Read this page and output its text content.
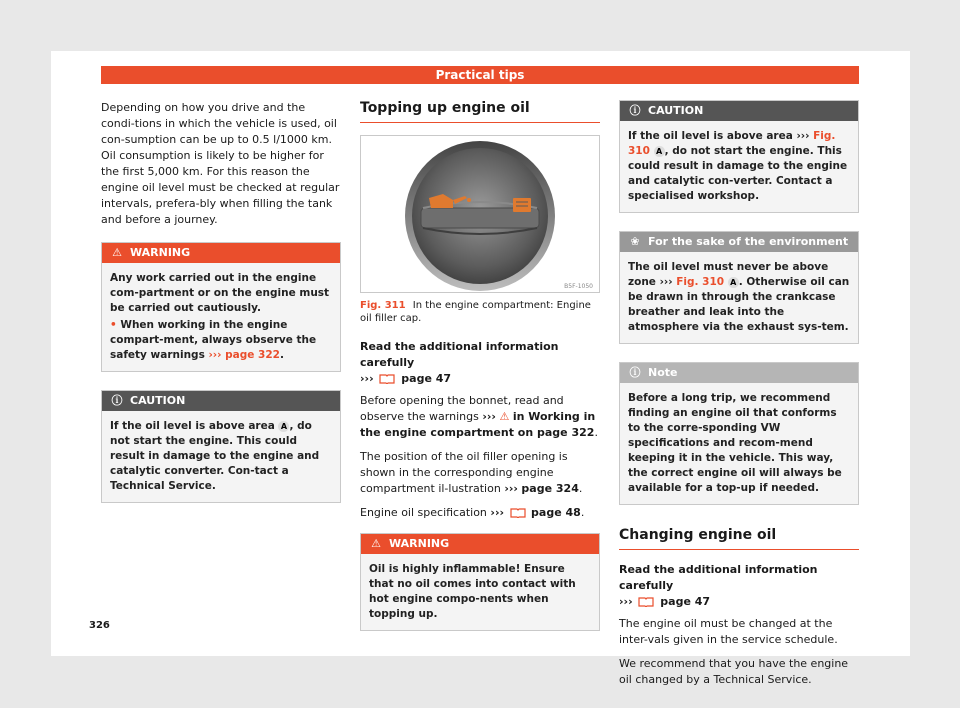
Practical tips

Depending on how you drive and the condi-tions in which the vehicle is used, oil con-sumption can be up to 0.5 l/1000 km. Oil consumption is likely to be higher for the first 5,000 km. For this reason the engine oil level must be checked at regular intervals, prefera-bly when filling the tank and before a journey.

⚠ WARNING
Any work carried out in the engine com-partment or on the engine must be carried out cautiously.
• When working in the engine compart-ment, always observe the safety warnings ››› page 322.
ⓘ CAUTION
If the oil level is above area A , do not start the engine. This could result in damage to the engine and catalytic converter. Con-tact a Technical Service.
Topping up engine oil
B5F-1050
Fig. 311 In the engine compartment: Engine oil filler cap.
Read the additional information carefully
›››	page 47

Before opening the bonnet, read and observe the warnings ››› ⚠ in Working in the engine compartment on page 322.

The position of the oil filler opening is shown in the corresponding engine compartment il-lustration ››› page 324.

Engine oil specification ››› page 48.

⚠ WARNING
Oil is highly inflammable! Ensure that no oil comes into contact with hot engine compo-nents when topping up.
ⓘ CAUTION
If the oil level is above area ››› Fig. 310 A , do not start the engine. This could result in damage to the engine and catalytic con-verter. Contact a specialised workshop.
❀ For the sake of the environment
The oil level must never be above zone ››› Fig. 310 A . Otherwise oil can be drawn in through the crankcase breather and leak into the atmosphere via the exhaust sys-tem.
ⓘ Note
Before a long trip, we recommend finding an engine oil that conforms to the corre-sponding VW specifications and recom-mend keeping it in the vehicle. This way, the correct engine oil will always be available for a top-up if needed.
Changing engine oil
Read the additional information carefully
›››	page 47

The engine oil must be changed at the inter-vals given in the service schedule.

We recommend that you have the engine oil changed by a Technical Service.

326
